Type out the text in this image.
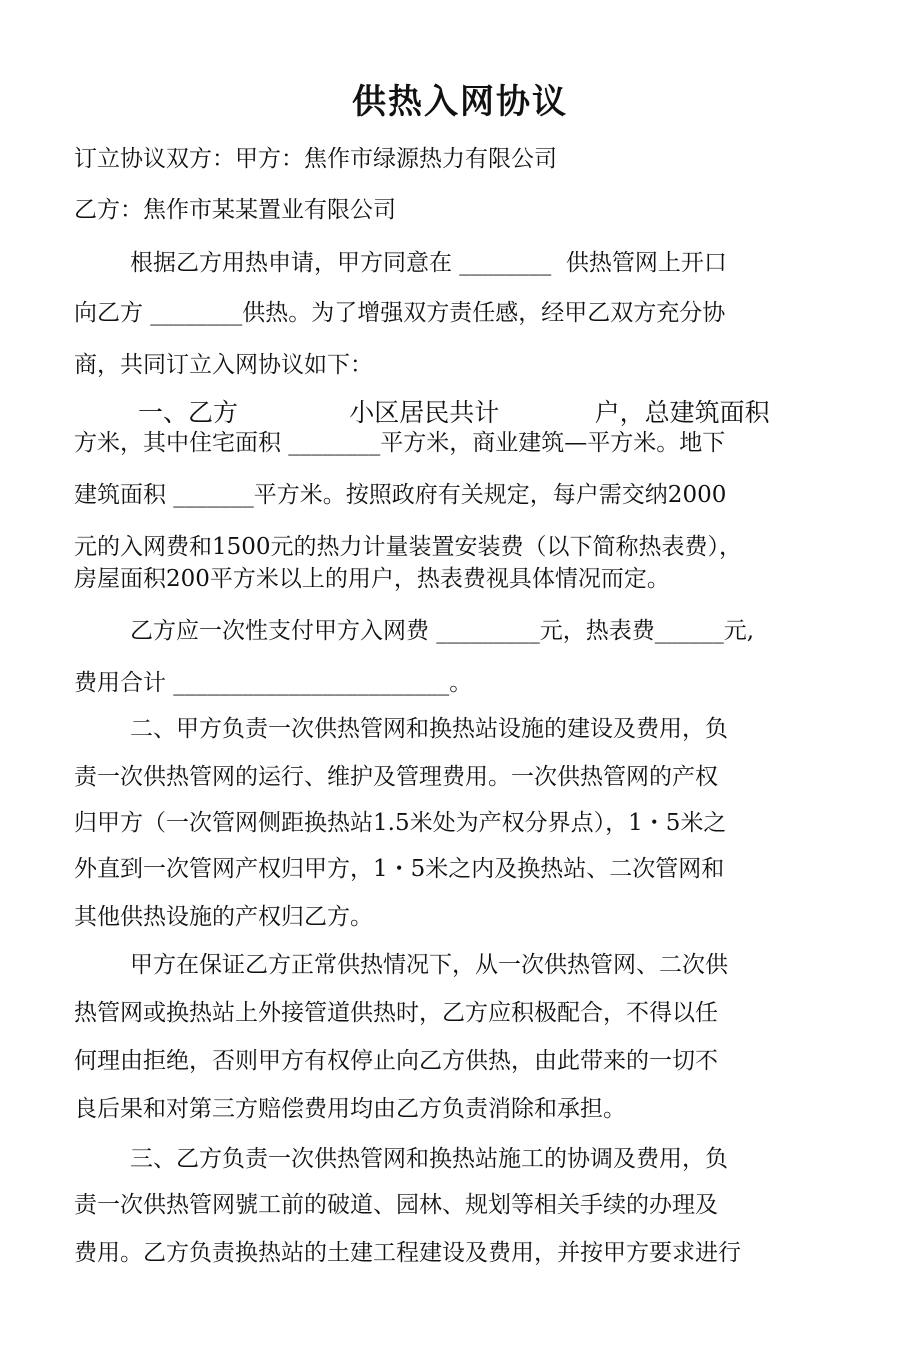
供热入网协议
订立协议双方：甲方：焦作市绿源热力有限公司
乙方：焦作市某某置业有限公司
根据乙方用热申请，甲方同意在 ________  供热管网上开口
向乙方 ________供热。为了增强双方责任感，经甲乙双方充分协
商，共同订立入网协议如下：
一、乙方              小区居民共计            户，总建筑面积
方米，其中住宅面积 ________平方米，商业建筑—平方米。地下
建筑面积 _______平方米。按照政府有关规定，每户需交纳2000
元的入网费和1500元的热力计量装置安装费（以下简称热表费），
房屋面积200平方米以上的用户，热表费视具体情况而定。
乙方应一次性支付甲方入网费 _________元，热表费______元,
费用合计 ________________________。
二、甲方负责一次供热管网和换热站设施的建设及费用，负
责一次供热管网的运行、维护及管理费用。一次供热管网的产权
归甲方（一次管网侧距换热站1.5米处为产权分界点），1・5米之
外直到一次管网产权归甲方，1・5米之内及换热站、二次管网和
其他供热设施的产权归乙方。
甲方在保证乙方正常供热情况下，从一次供热管网、二次供
热管网或换热站上外接管道供热时，乙方应积极配合，不得以任
何理由拒绝，否则甲方有权停止向乙方供热，由此带来的一切不
良后果和对第三方赔偿费用均由乙方负责消除和承担。
三、乙方负责一次供热管网和换热站施工的协调及费用，负
责一次供热管网號工前的破道、园林、规划等相关手续的办理及
费用。乙方负责换热站的土建工程建设及费用，并按甲方要求进行
